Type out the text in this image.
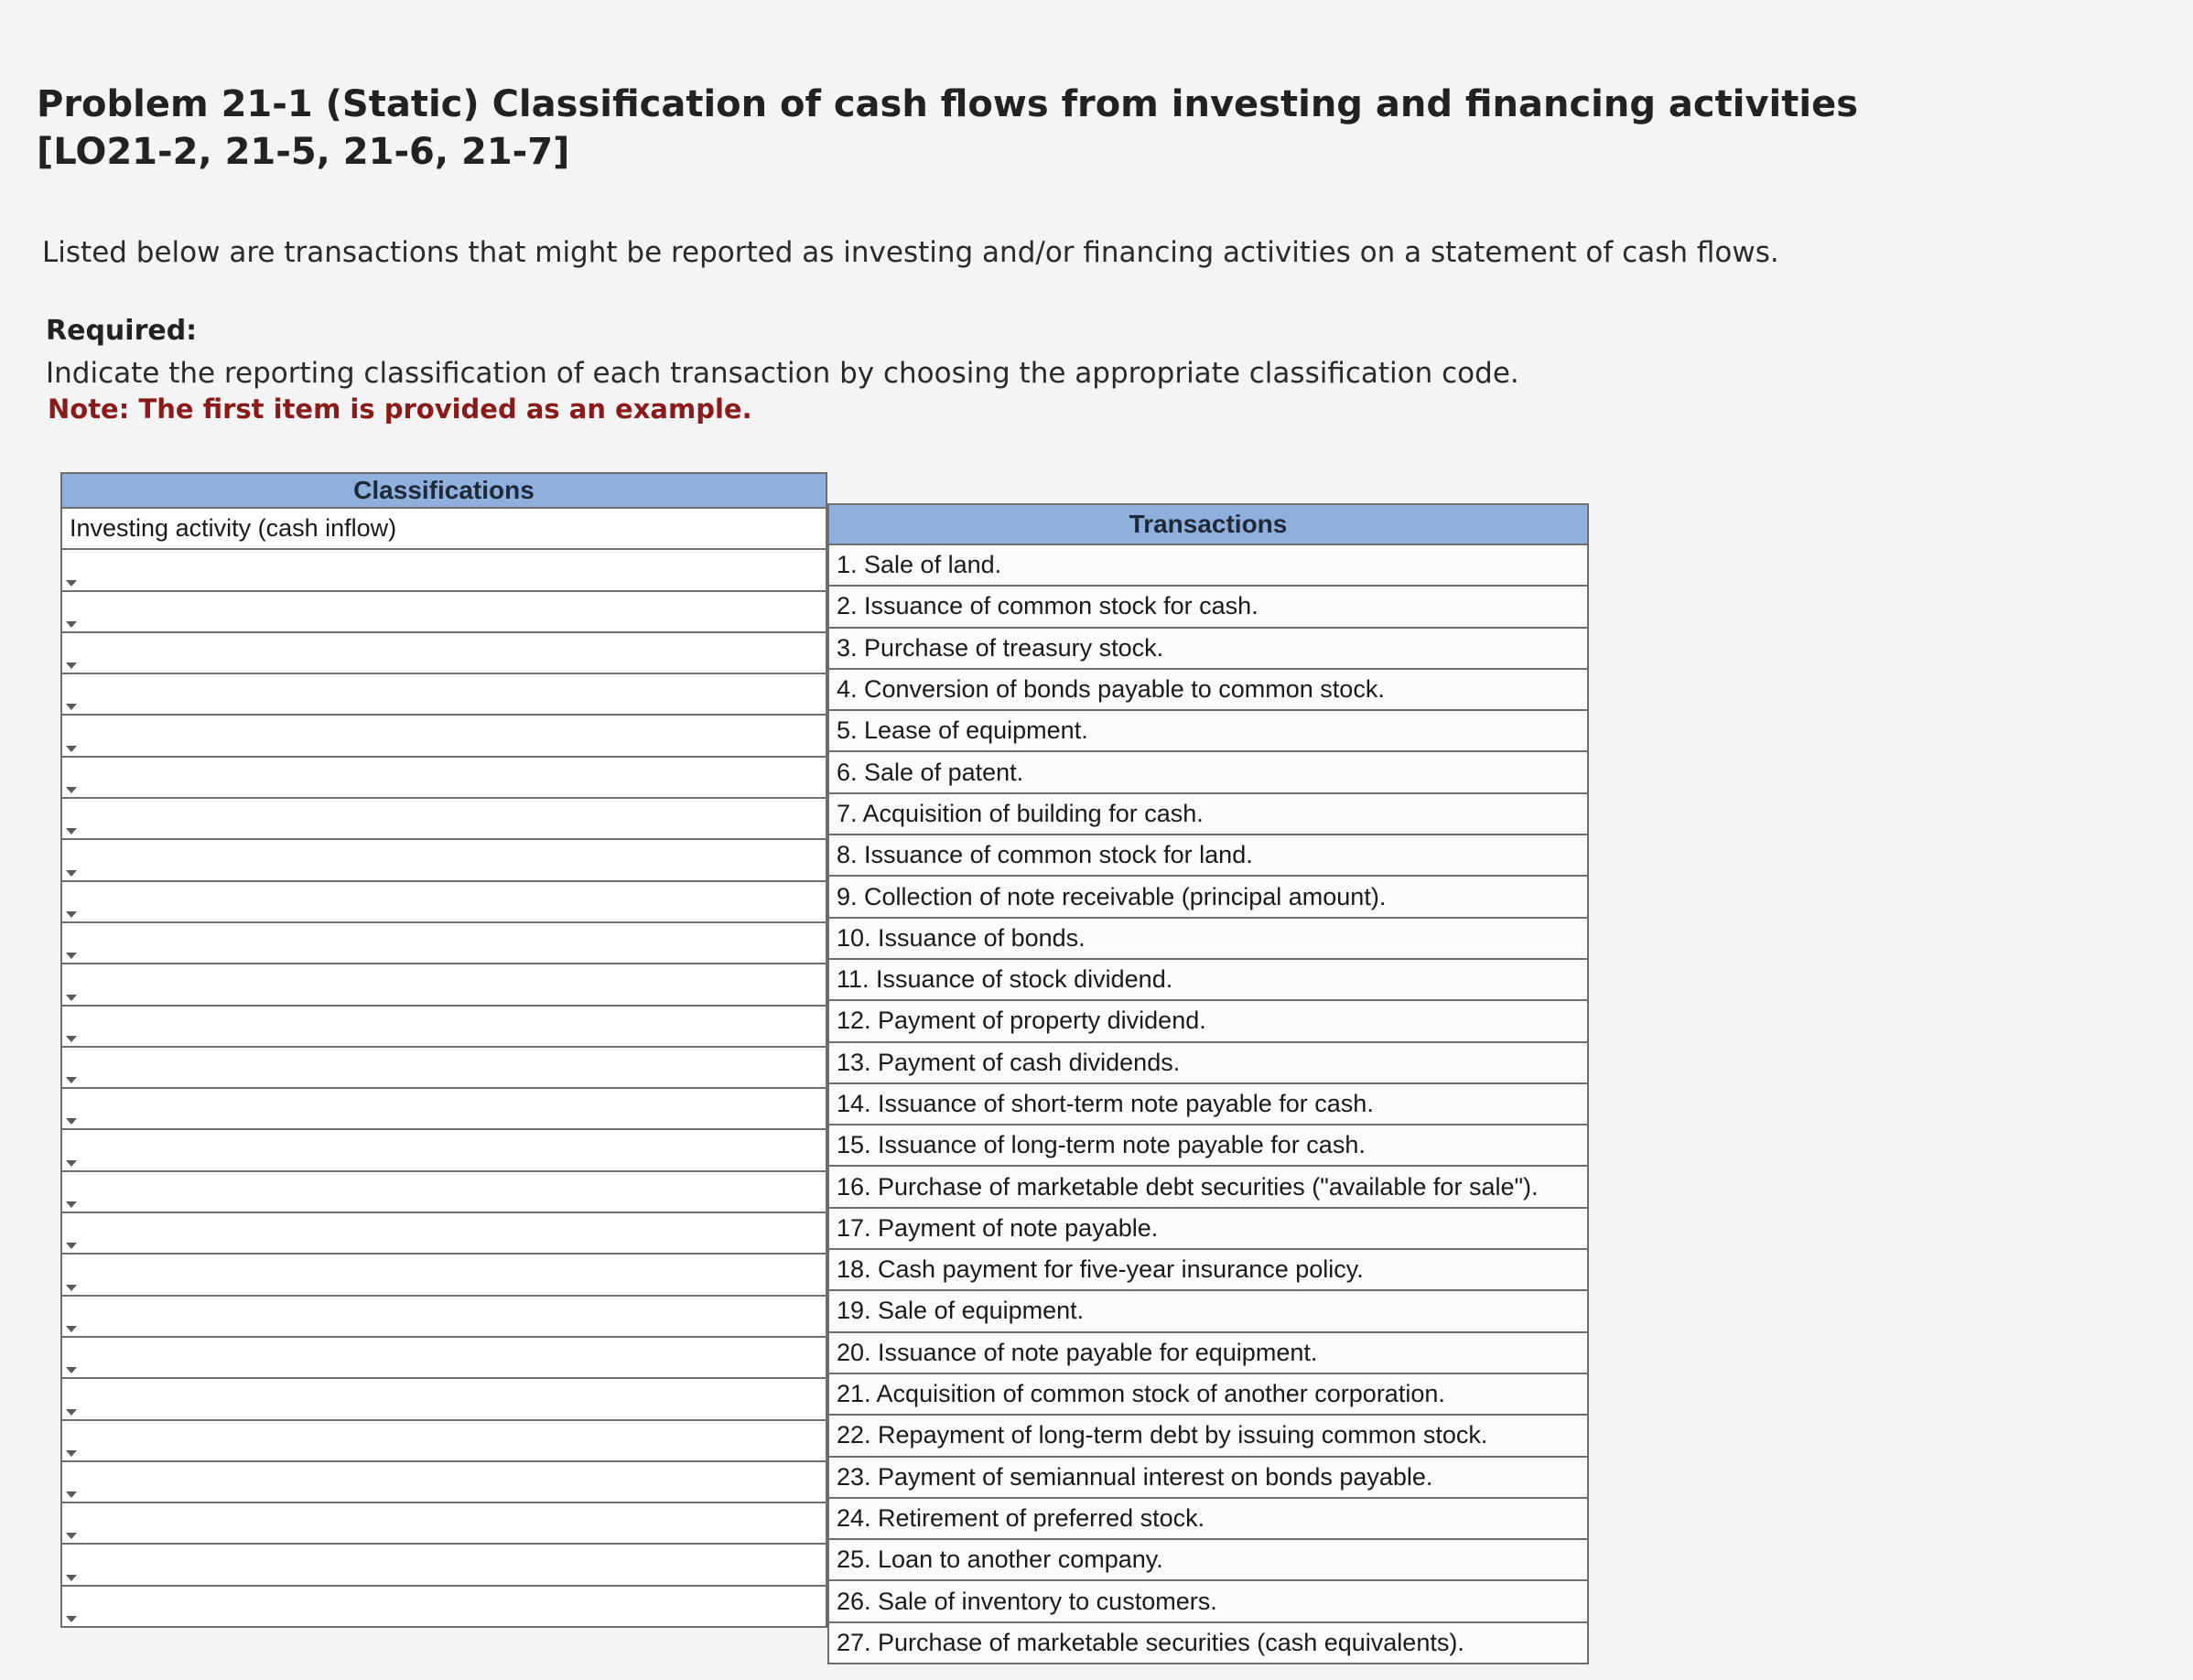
Problem 21-1 (Static) Classification of cash flows from investing and financing activities [LO21-2, 21-5, 21-6, 21-7]
Listed below are transactions that might be reported as investing and/or financing activities on a statement of cash flows.
Required:
Indicate the reporting classification of each transaction by choosing the appropriate classification code.
Note: The first item is provided as an example.
Classifications
Investing activity (cash inflow)	Transactions
1. Sale of land.
2. Issuance of common stock for cash.
3. Purchase of treasury stock.
4. Conversion of bonds payable to common stock.
5. Lease of equipment.
6. Sale of patent.
7. Acquisition of building for cash.
8. Issuance of common stock for land.
9. Collection of note receivable (principal amount).
10. Issuance of bonds.
11. Issuance of stock dividend.
12. Payment of property dividend.
13. Payment of cash dividends.
14. Issuance of short-term note payable for cash.
15. Issuance of long-term note payable for cash.
16. Purchase of marketable debt securities ("available for sale").
17. Payment of note payable.
18. Cash payment for five-year insurance policy.
19. Sale of equipment.
20. Issuance of note payable for equipment.
21. Acquisition of common stock of another corporation.
22. Repayment of long-term debt by issuing common stock.
23. Payment of semiannual interest on bonds payable.
24. Retirement of preferred stock.
25. Loan to another company.
26. Sale of inventory to customers.
27. Purchase of marketable securities (cash equivalents).
